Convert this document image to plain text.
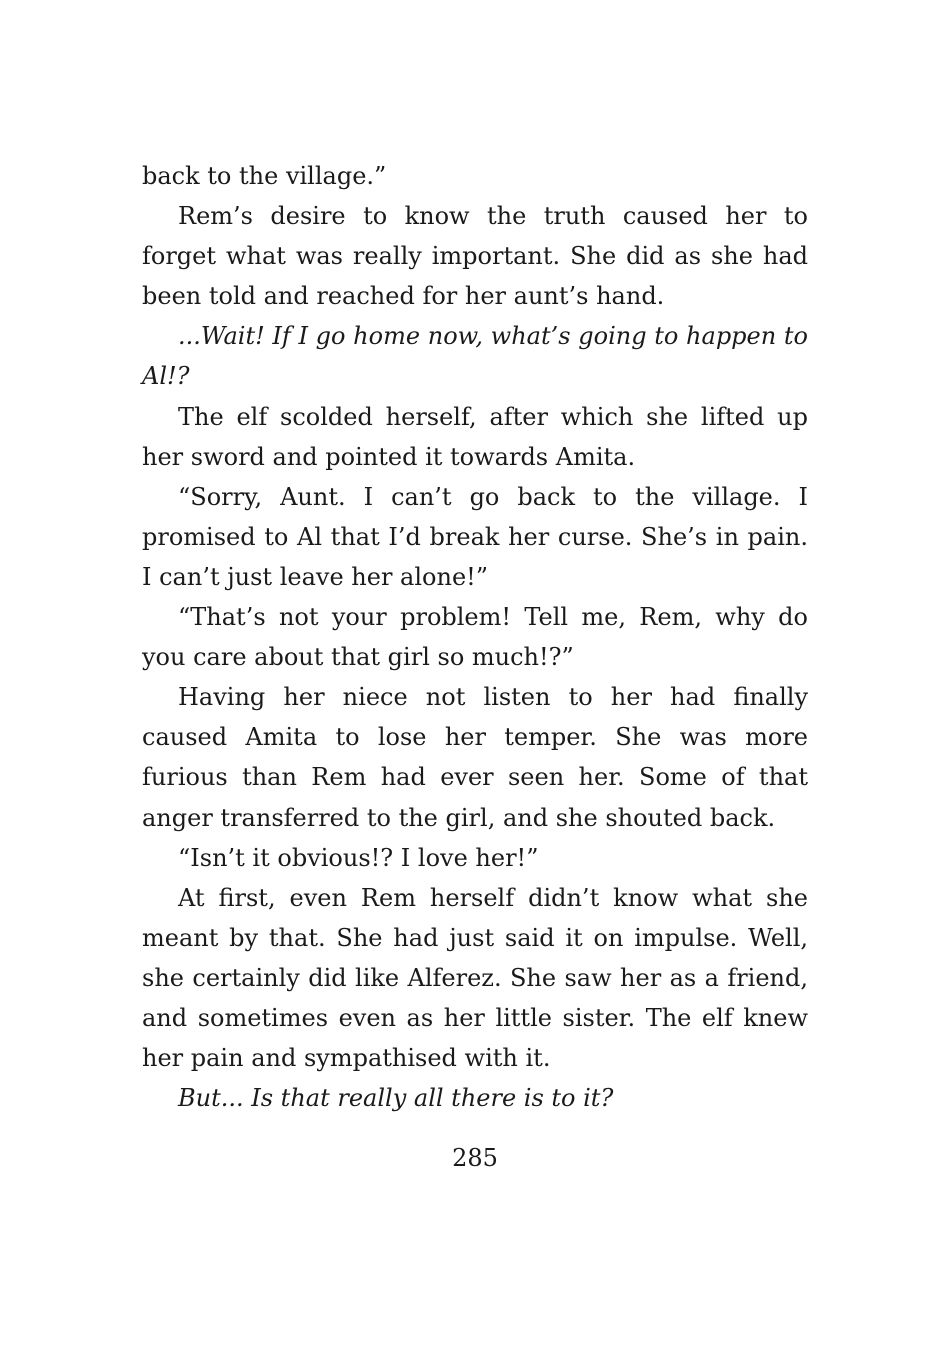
back to the village.”

Rem’s desire to know the truth caused her to forget what was really important. She did as she had been told and reached for her aunt’s hand.

...Wait! If I go home now, what’s going to happen to Al!?

The elf scolded herself, after which she lifted up her sword and pointed it towards Amita.

“Sorry, Aunt. I can’t go back to the village. I promised to Al that I’d break her curse. She’s in pain. I can’t just leave her alone!”

“That’s not your problem! Tell me, Rem, why do you care about that girl so much!?”

Having her niece not listen to her had finally caused Amita to lose her temper. She was more furious than Rem had ever seen her. Some of that anger transferred to the girl, and she shouted back.

“Isn’t it obvious!? I love her!”

At first, even Rem herself didn’t know what she meant by that. She had just said it on impulse. Well, she certainly did like Alferez. She saw her as a friend, and sometimes even as her little sister. The elf knew her pain and sympathised with it.

But... Is that really all there is to it?

285
